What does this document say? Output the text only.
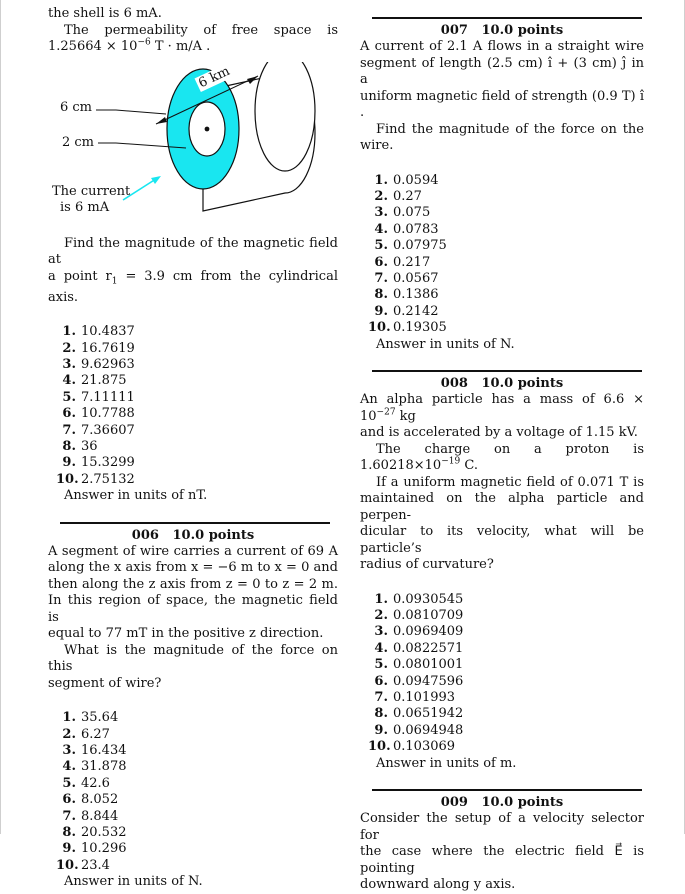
the shell is 6 mA.

The permeability of free space is

$1.25664 \times 10^{-6}$ T · m/A .

6 km
6 cm
2 cm
The current
is 6 mA

Find the magnitude of the magnetic field at

a point $r_1 = 3.9$ cm from the cylindrical axis.

1. 10.4837
2. 16.7619
3. 9.62963
4. 21.875
5. 7.11111
6. 10.7788
7. 7.36607
8. 36
9. 15.3299
10. 2.75132
Answer in units of nT.
006 10.0 points

A segment of wire carries a current of 69 A

along the x axis from x = −6 m to x = 0 and

then along the z axis from z = 0 to z = 2 m.

In this region of space, the magnetic field is

equal to 77 mT in the positive z direction.

What is the magnitude of the force on this

segment of wire?

1. 35.64
2. 6.27
3. 16.434
4. 31.878
5. 42.6
6. 8.052
7. 8.844
8. 20.532
9. 10.296
10. 23.4
Answer in units of N.
007 10.0 points

A current of 2.1 A flows in a straight wire

segment of length (2.5 cm) î + (3 cm) ĵ in a

uniform magnetic field of strength (0.9 T) î .

Find the magnitude of the force on the wire.

1. 0.0594
2. 0.27
3. 0.075
4. 0.0783
5. 0.07975
6. 0.217
7. 0.0567
8. 0.1386
9. 0.2142
10. 0.19305
Answer in units of N.
008 10.0 points

An alpha particle has a mass of $6.6 \times 10^{-27}$ kg

and is accelerated by a voltage of 1.15 kV.

The charge on a proton is $1.60218\times 10^{-19}$ C.

If a uniform magnetic field of 0.071 T is

maintained on the alpha particle and perpen-

dicular to its velocity, what will be particle’s

radius of curvature?

1. 0.0930545
2. 0.0810709
3. 0.0969409
4. 0.0822571
5. 0.0801001
6. 0.0947596
7. 0.101993
8. 0.0651942
9. 0.0694948
10. 0.103069
Answer in units of m.
009 10.0 points

Consider the setup of a velocity selector for

the case where the electric field E⃗ is pointing

downward along y axis.
